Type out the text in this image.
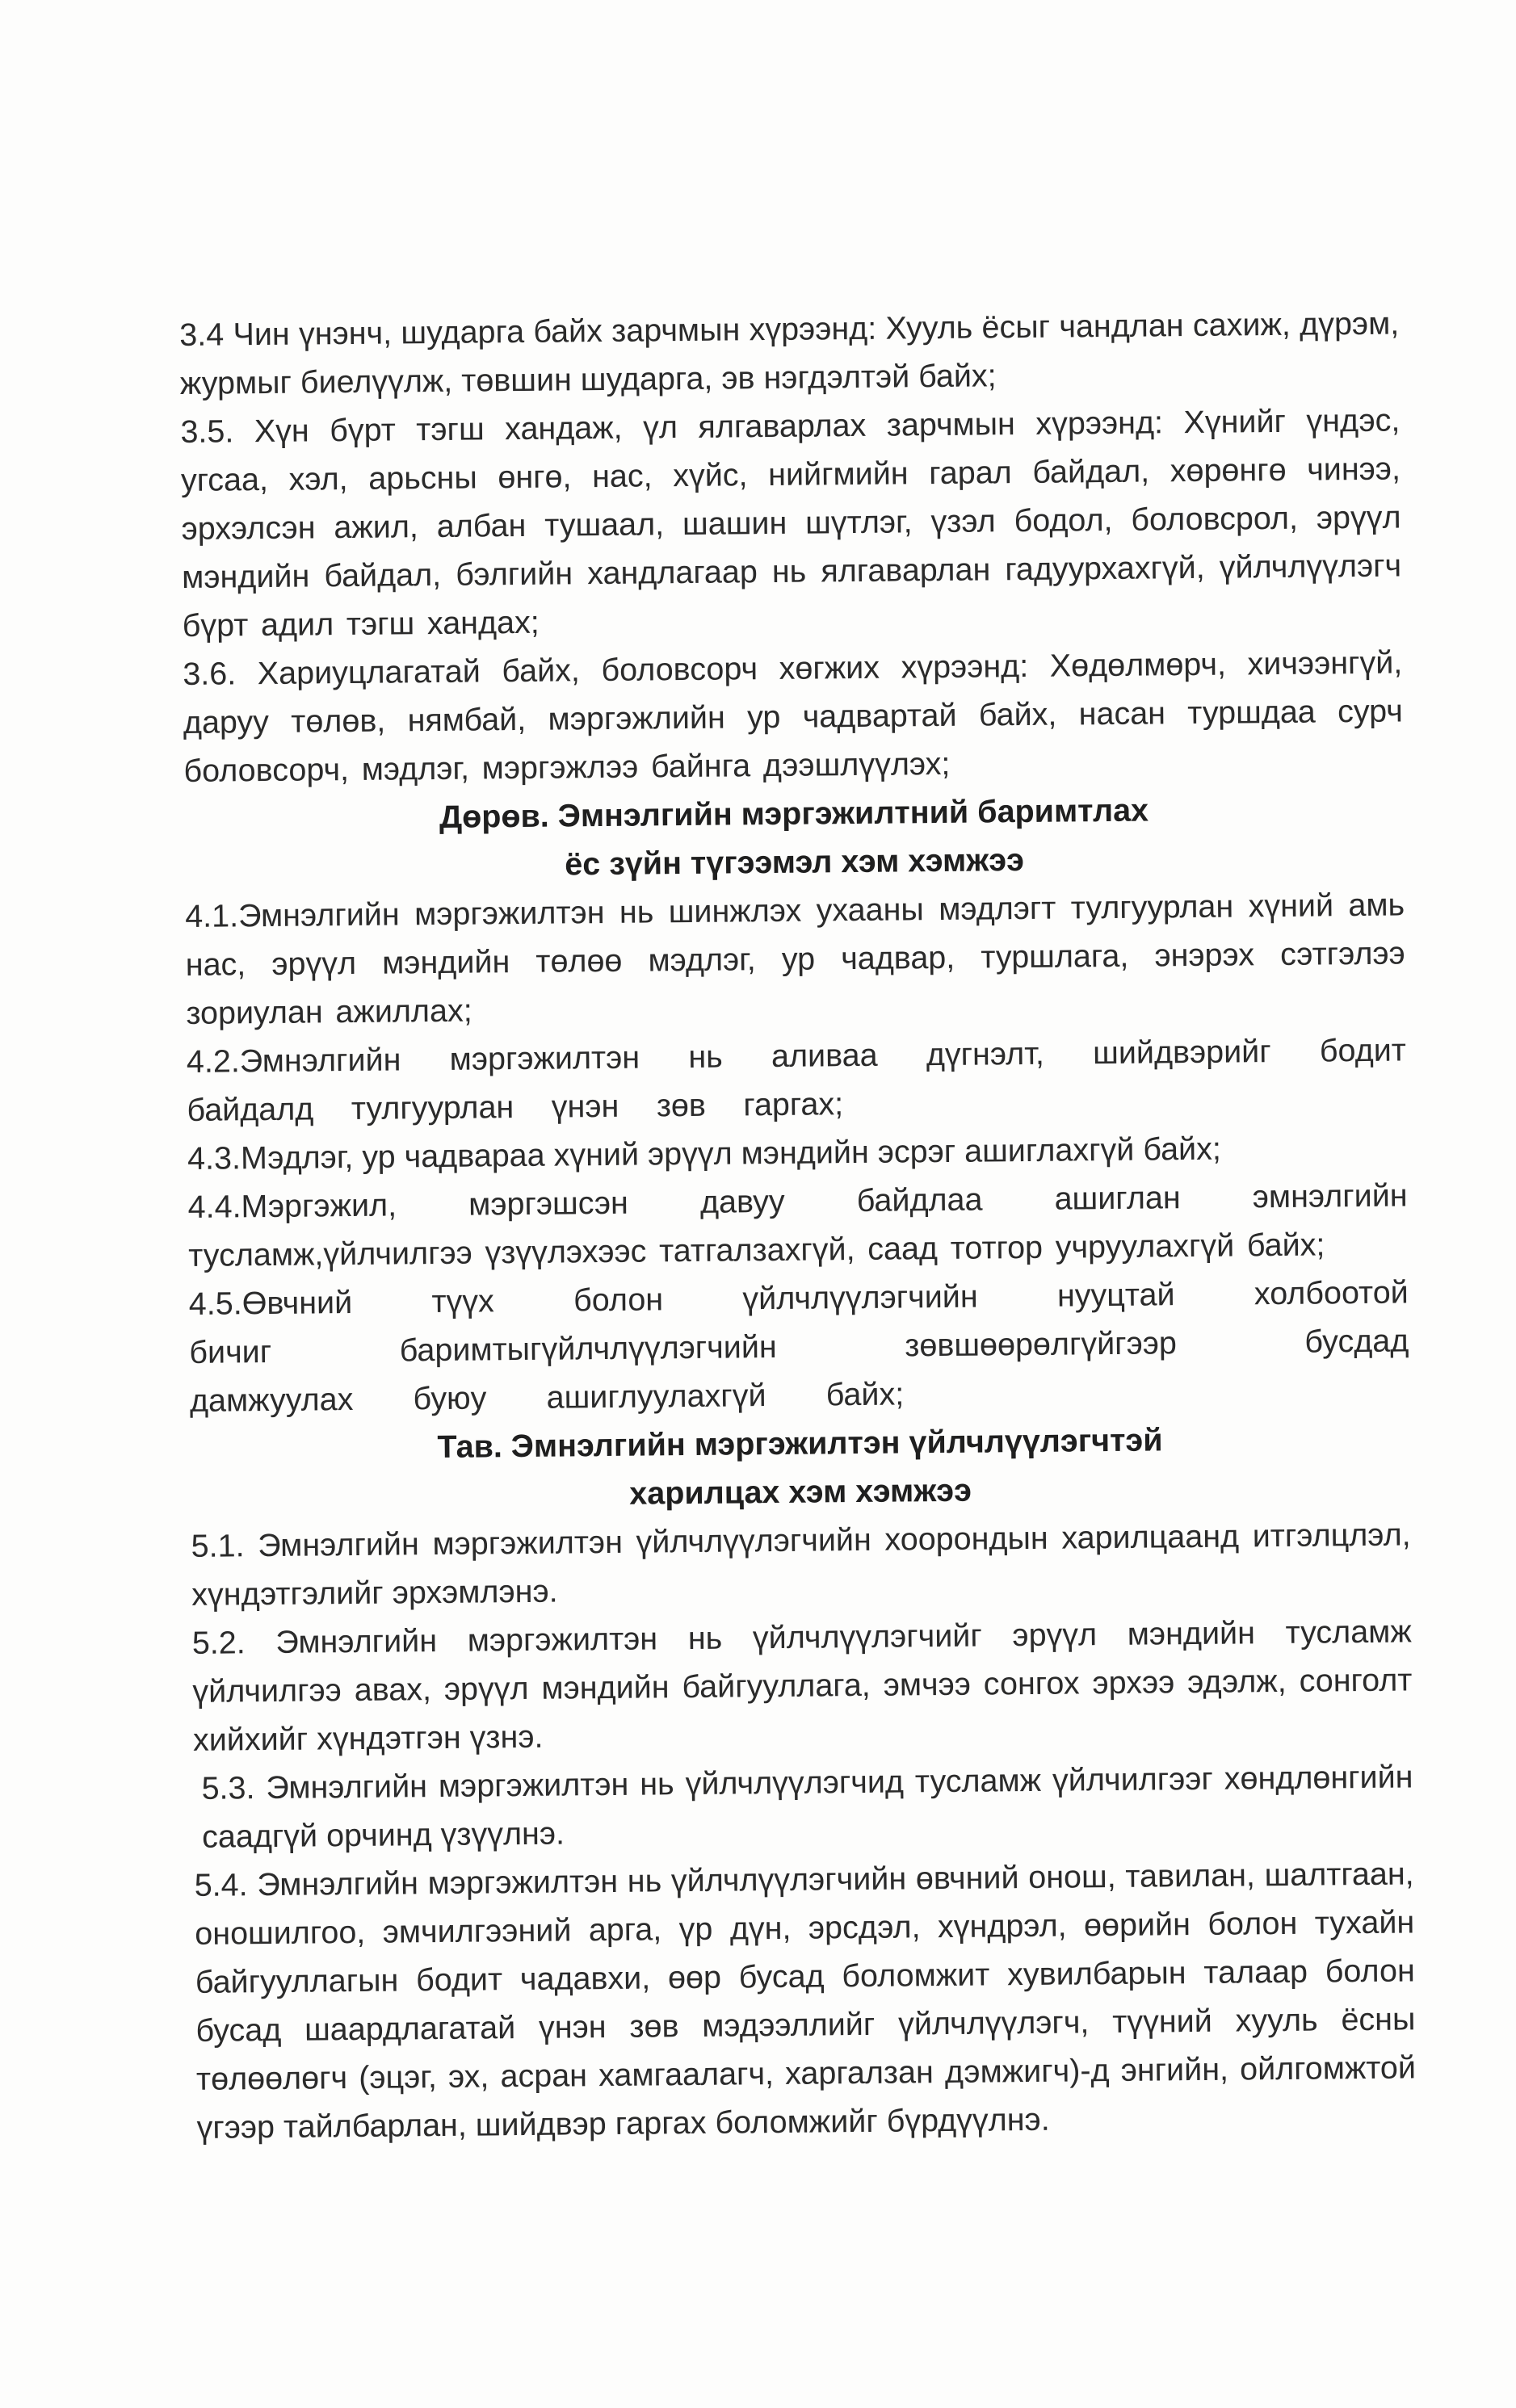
3.4 Чин үнэнч, шударга байх зарчмын хүрээнд: Хууль ёсыг чандлан сахиж, дүрэм, журмыг биелүүлж, төвшин шударга, эв нэгдэлтэй байх;

3.5. Хүн бүрт тэгш хандаж, үл ялгаварлах зарчмын хүрээнд: Хүнийг үндэс, угсаа, хэл, арьсны өнгө, нас, хүйс, нийгмийн гарал байдал, хөрөнгө чинээ, эрхэлсэн ажил, албан тушаал, шашин шүтлэг, үзэл бодол, боловсрол, эрүүл мэндийн байдал, бэлгийн хандлагаар нь ялгаварлан гадуурхахгүй, үйлчлүүлэгч бүрт адил тэгш хандах;

3.6. Хариуцлагатай байх, боловсорч хөгжих хүрээнд: Хөдөлмөрч, хичээнгүй, даруу төлөв, нямбай, мэргэжлийн ур чадвартай байх, насан туршдаа сурч боловсорч, мэдлэг, мэргэжлээ байнга дээшлүүлэх;

Дөрөв. Эмнэлгийн мэргэжилтний баримтлах
ёс зүйн түгээмэл хэм хэмжээ

4.1.Эмнэлгийн мэргэжилтэн нь шинжлэх ухааны мэдлэгт тулгуурлан хүний амь нас, эрүүл мэндийн төлөө мэдлэг, ур чадвар, туршлага, энэрэх сэтгэлээ зориулан ажиллах;

4.2.Эмнэлгийн мэргэжилтэн нь аливаа дүгнэлт, шийдвэрийг бодит байдалд тулгуурлан үнэн зөв гаргах;

4.3.Мэдлэг, ур чадвараа хүний эрүүл мэндийн эсрэг ашиглахгүй байх;

4.4.Мэргэжил, мэргэшсэн давуу байдлаа ашиглан эмнэлгийн тусламж,үйлчилгээ үзүүлэхээс татгалзахгүй, саад тотгор учруулахгүй байх;

4.5.Өвчний түүх болон үйлчлүүлэгчийн нууцтай холбоотой бичиг баримтыгүйлчлүүлэгчийн зөвшөөрөлгүйгээр бусдад дамжуулах буюу ашиглуулахгүй байх;

Тав. Эмнэлгийн мэргэжилтэн үйлчлүүлэгчтэй
харилцах хэм хэмжээ

5.1. Эмнэлгийн мэргэжилтэн үйлчлүүлэгчийн хоорондын харилцаанд итгэлцлэл, хүндэтгэлийг эрхэмлэнэ.

5.2. Эмнэлгийн мэргэжилтэн нь үйлчлүүлэгчийг эрүүл мэндийн тусламж үйлчилгээ авах, эрүүл мэндийн байгууллага, эмчээ сонгох эрхээ эдэлж, сонголт хийхийг хүндэтгэн үзнэ.

5.3. Эмнэлгийн мэргэжилтэн нь үйлчлүүлэгчид тусламж үйлчилгээг хөндлөнгийн саадгүй орчинд үзүүлнэ.

5.4. Эмнэлгийн мэргэжилтэн нь үйлчлүүлэгчийн өвчний онош, тавилан, шалтгаан, оношилгоо, эмчилгээний арга, үр дүн, эрсдэл, хүндрэл, өөрийн болон тухайн байгууллагын бодит чадавхи, өөр бусад боломжит хувилбарын талаар болон бусад шаардлагатай үнэн зөв мэдээллийг үйлчлүүлэгч, түүний хууль ёсны төлөөлөгч (эцэг, эх, асран хамгаалагч, харгалзан дэмжигч)-д энгийн, ойлгомжтой үгээр тайлбарлан, шийдвэр гаргах боломжийг бүрдүүлнэ.
